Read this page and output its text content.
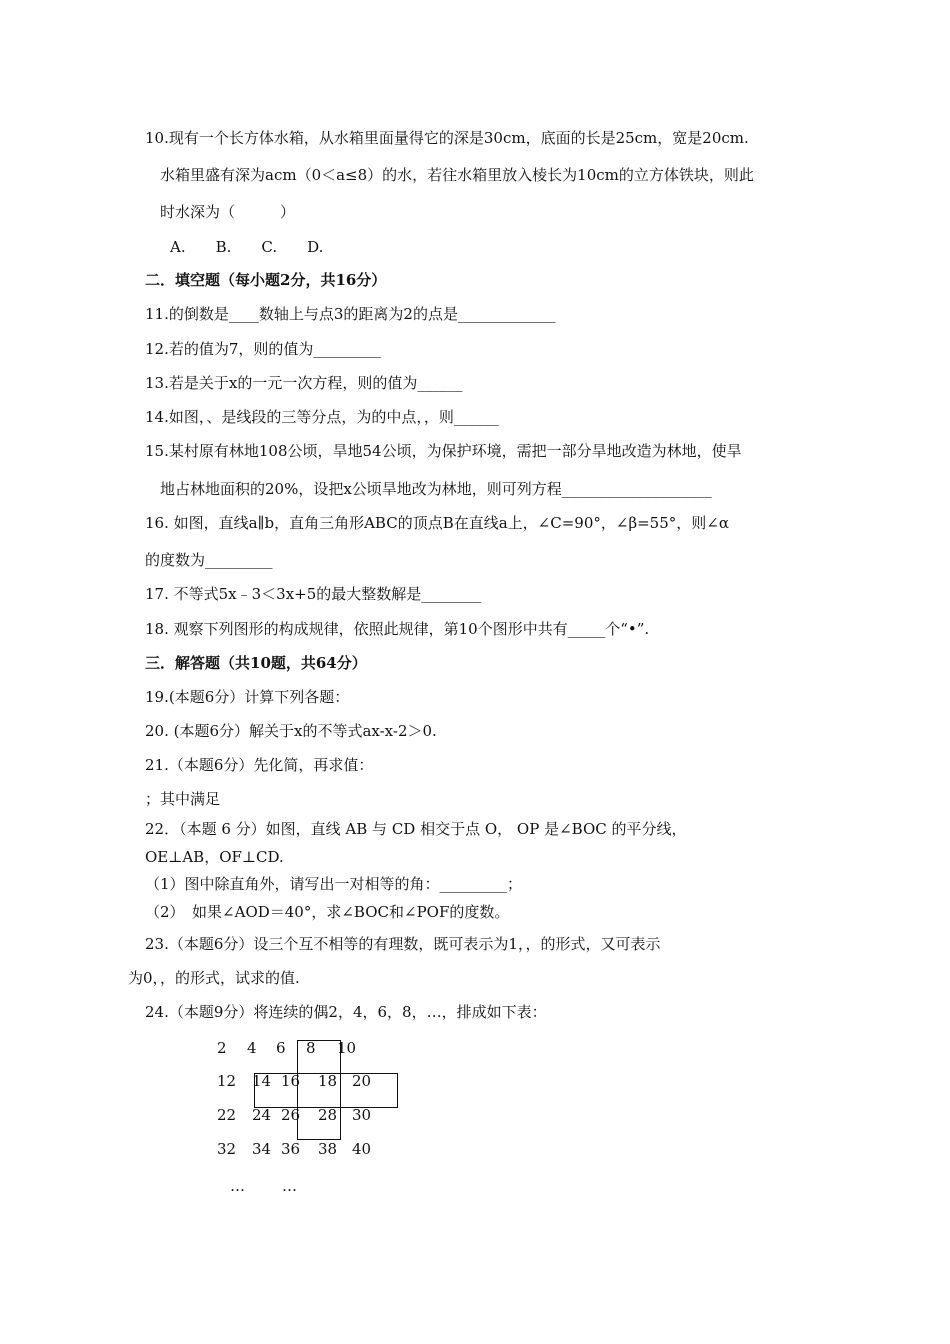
10.现有一个长方体水箱，从水箱里面量得它的深是30cm，底面的长是25cm，宽是20cm.
水箱里盛有深为acm（0＜a≤8）的水，若往水箱里放入棱长为10cm的立方体铁块，则此
时水深为（　　　）
A.　　B.　　C.　　D.
二．填空题（每小题2分，共16分）
11.的倒数是____数轴上与点3的距离为2的点是_____________
12.若的值为7，则的值为_________
13.若是关于x的一元一次方程，则的值为______
14.如图，、是线段的三等分点，为的中点，，则______
15.某村原有林地108公顷，旱地54公顷，为保护环境，需把一部分旱地改造为林地，使旱
地占林地面积的20%，设把x公顷旱地改为林地，则可列方程____________________
16. 如图，直线a∥b，直角三角形ABC的顶点B在直线a上，∠C=90°，∠β=55°，则∠α
的度数为_________
17. 不等式5x﹣3＜3x+5的最大整数解是________
18. 观察下列图形的构成规律，依照此规律，第10个图形中共有_____个“•”.
三．解答题（共10题，共64分）
19.(本题6分）计算下列各题：
20. (本题6分）解关于x的不等式ax-x-2＞0.
21.（本题6分）先化简，再求值：
；其中满足
22．（本题 6 分）如图，直线 AB 与 CD 相交于点 O， OP 是∠BOC 的平分线，
OE⊥AB，OF⊥CD.
（1）图中除直角外，请写出一对相等的角：_________；
（2）　如果∠AOD＝40°，求∠BOC和∠POF的度数。
23.（本题6分）设三个互不相等的有理数，既可表示为1，，的形式，又可表示
为0，，的形式，试求的值.
24.（本题9分）将连续的偶2，4，6，8，…，排成如下表：
2 4 6 8 10
12 14 16 18 20
22 24 26 28 30
32 34 36 38 40
… …
